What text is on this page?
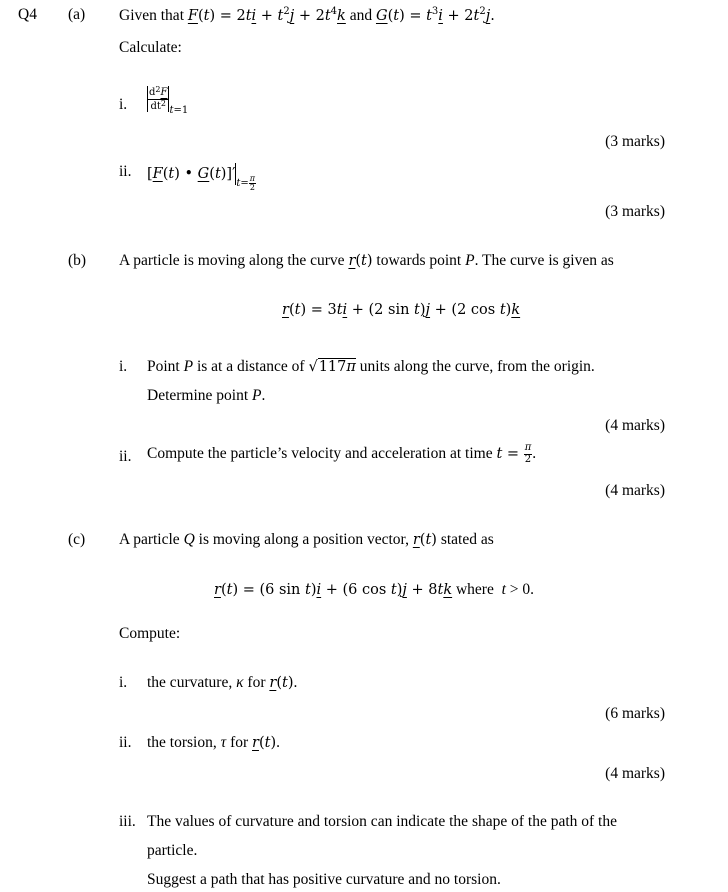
Q4 (a) Given that $F(t) = 2ti + t^2j + 2t^4k$ and $G(t) = t^3i + 2t^2j$.
Calculate:
i. $\frac{d^2F}{dt^2} _{t=1}$
(3 marks)
ii. [F(t) • $G(t)]'_{t= \frac{\pi}{2}}$
(3 marks)
(b) A particle is moving along the curve r(t) towards point P. The curve is given as
r(t) = 3ti + (2 sin t)j + (2 cos t)k
i. Point P is at a distance of √117π units along the curve, from the origin.
Determine point P.
(4 marks)
ii. Compute the particle’s velocity and acceleration at time $t = \frac{\pi}{2}$ .
(4 marks)
(c) A particle Q is moving along a position vector, r(t) stated as
r(t) = (6 sin t)i + (6 cos t)j + 8tk where  t > 0.
Compute:
i. the curvature, κ for r(t).
(6 marks)
ii. the torsion, τ for r(t).
(4 marks)
iii. The values of curvature and torsion can indicate the shape of the path of the
particle.
Suggest a path that has positive curvature and no torsion.
